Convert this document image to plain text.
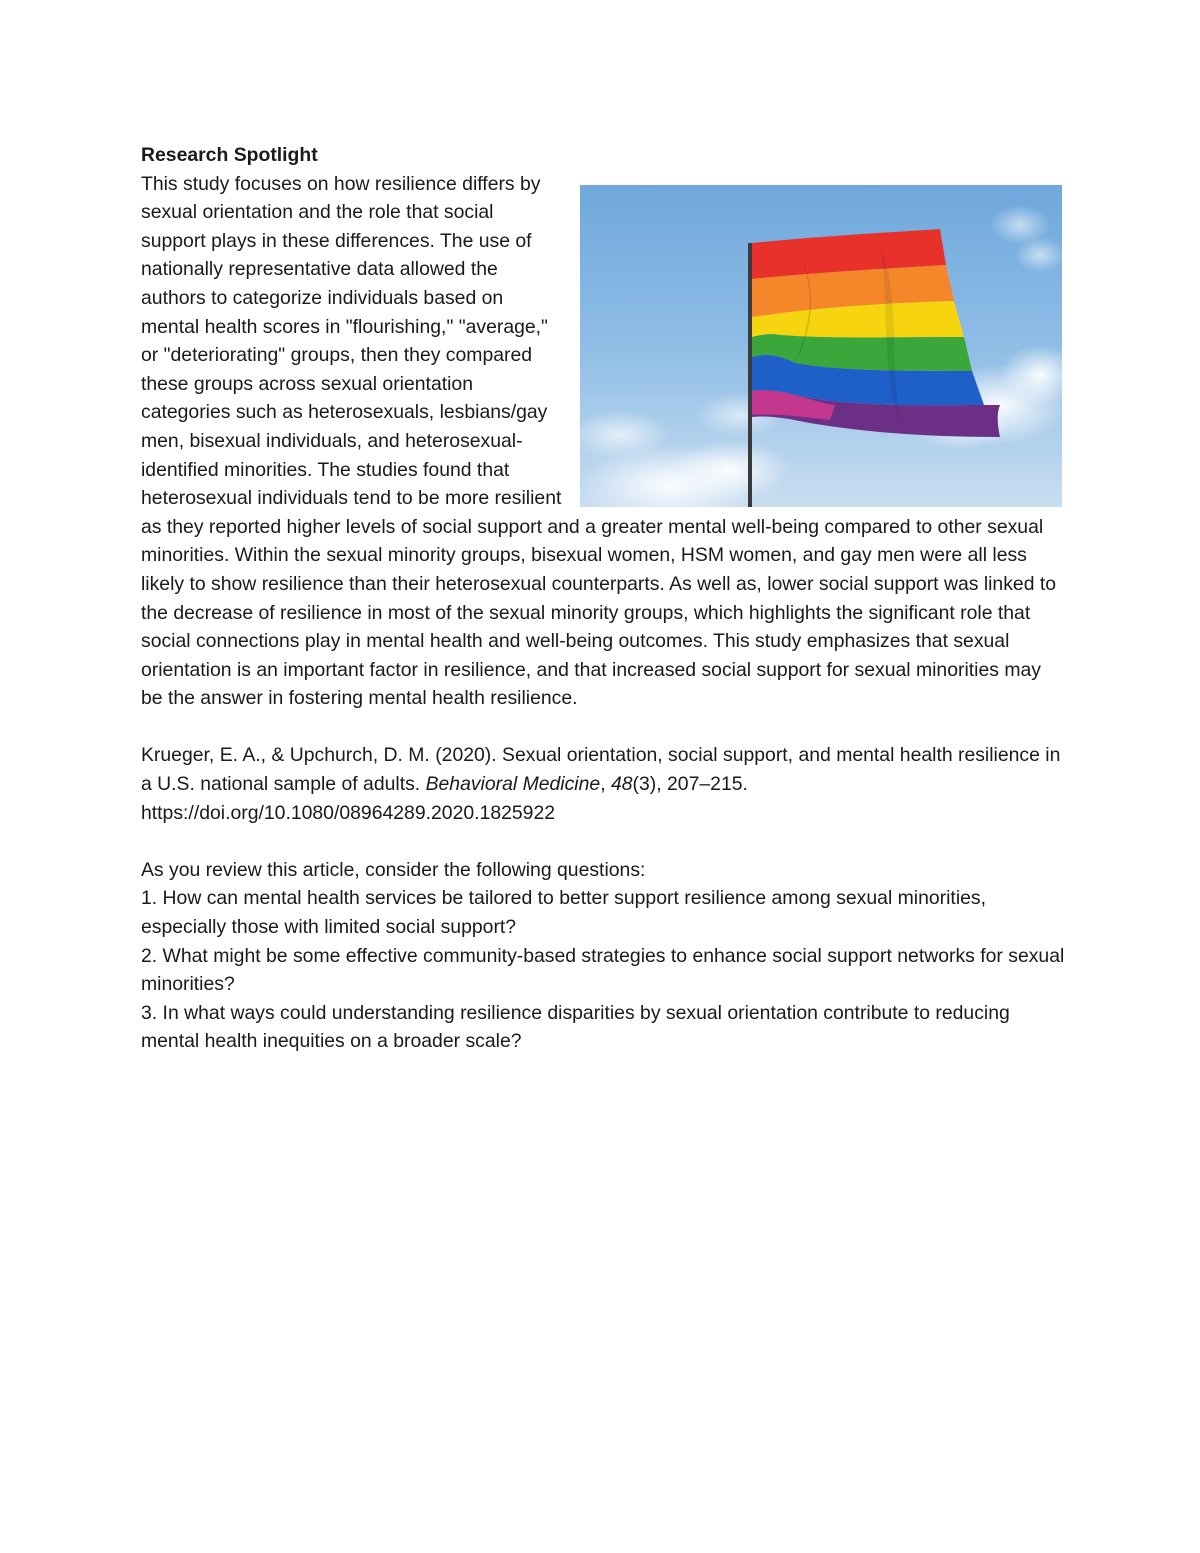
Research Spotlight

This study focuses on how resilience differs by sexual orientation and the role that social support plays in these differences. The use of nationally representative data allowed the authors to categorize individuals based on mental health scores in "flourishing," "average," or "deteriorating" groups, then they compared these groups across sexual orientation categories such as heterosexuals, lesbians/gay men, bisexual individuals, and heterosexual-identified minorities. The studies found that heterosexual individuals tend to be more resilient as they reported higher levels of social support and a greater mental well-being compared to other sexual minorities. Within the sexual minority groups, bisexual women, HSM women, and gay men were all less likely to show resilience than their heterosexual counterparts. As well as, lower social support was linked to the decrease of resilience in most of the sexual minority groups, which highlights the significant role that social connections play in mental health and well-being outcomes. This study emphasizes that sexual orientation is an important factor in resilience, and that increased social support for sexual minorities may be the answer in fostering mental health resilience.

Krueger, E. A., & Upchurch, D. M. (2020). Sexual orientation, social support, and mental health resilience in a U.S. national sample of adults. Behavioral Medicine, 48(3), 207–215. https://doi.org/10.1080/08964289.2020.1825922

As you review this article, consider the following questions:

1. How can mental health services be tailored to better support resilience among sexual minorities, especially those with limited social support?

2. What might be some effective community-based strategies to enhance social support networks for sexual minorities?

3. In what ways could understanding resilience disparities by sexual orientation contribute to reducing mental health inequities on a broader scale?
